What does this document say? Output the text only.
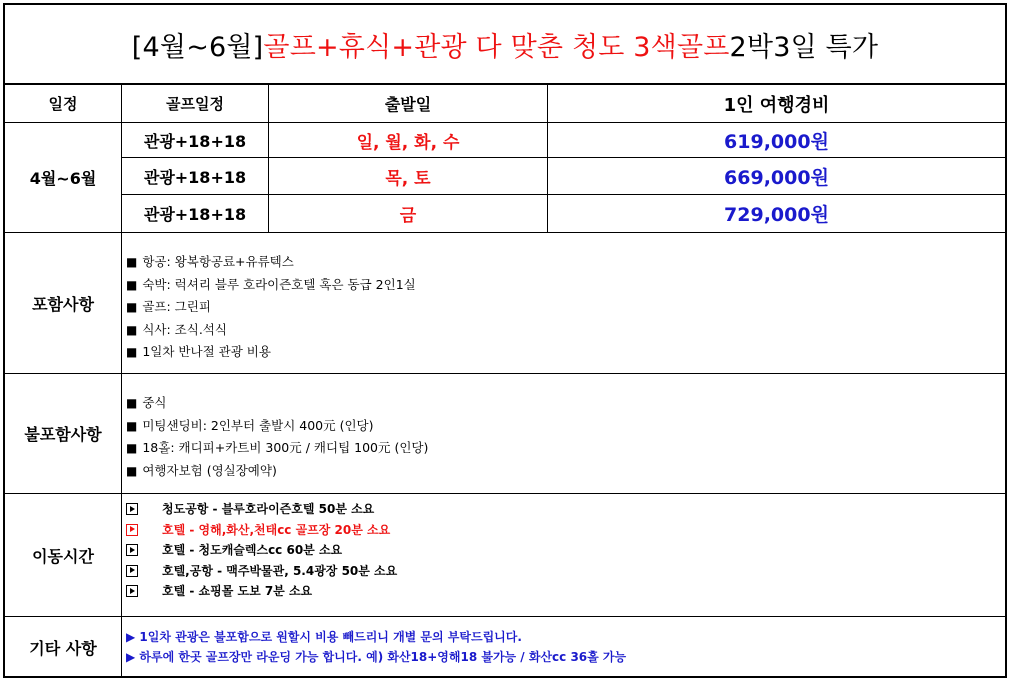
[4월~6월] 골프+휴식+관광 다 맞춘 청도 3색골프 2박3일 특가
일정	골프일정	출발일	1인 여행경비
4월~6월
관광+18+18	일, 월, 화, 수	619,000원
관광+18+18	목, 토	669,000원
관광+18+18	금	729,000원
포함사항
■ 항공: 왕복항공료+유류텍스
■ 숙박: 럭셔리 블루 호라이즌호텔 혹은 동급 2인1실
■ 골프: 그린피
■ 식사: 조식.석식
■ 1일차 반나절 관광 비용
불포함사항
■ 중식
■ 미팅샌딩비: 2인부터 출발시 400元 (인당)
■ 18홀: 캐디피+카트비 300元 / 캐디팁 100元 (인당)
■ 여행자보험 (영실장예약)
이동시간
청도공항 - 블루호라이즌호텔 50분 소요
호텔 - 영해,화산,천태cc 골프장 20분 소요
호텔 - 청도캐슬렉스cc 60분 소요
호텔,공항 - 맥주박물관, 5.4광장 50분 소요
호텔 - 쇼핑몰 도보 7분 소요
기타 사항
▶ 1일차 관광은 불포함으로 원할시 비용 빼드리니 개별 문의 부탁드립니다.
▶ 하루에 한곳 골프장만 라운딩 가능 합니다. 예) 화산18+영해18 불가능 / 화산cc 36홀 가능
